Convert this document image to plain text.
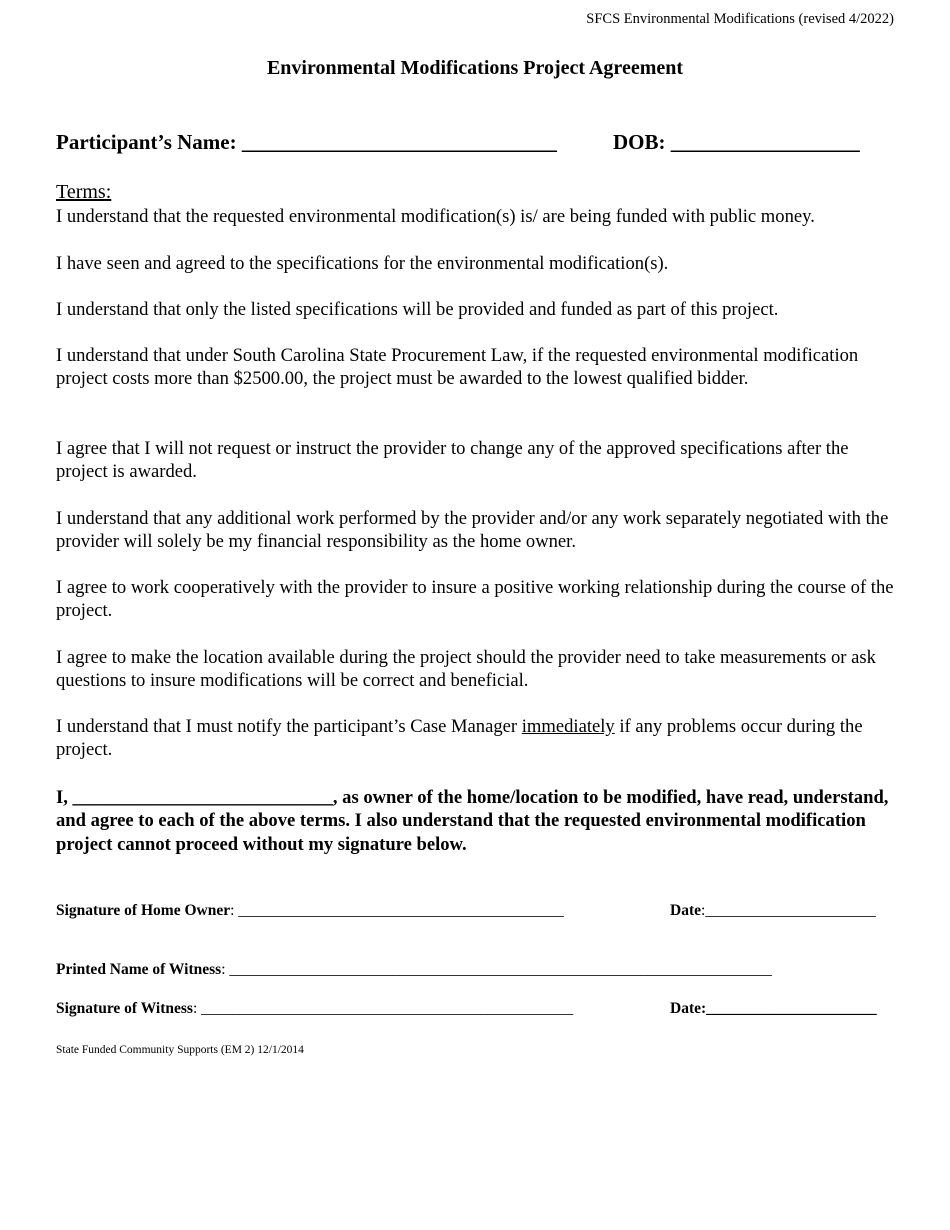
SFCS Environmental Modifications (revised 4/2022)
Environmental Modifications Project Agreement
Participant’s Name: ______________________________	DOB: __________________
Terms:
I understand that the requested environmental modification(s) is/ are being funded with public money.
I have seen and agreed to the specifications for the environmental modification(s).
I understand that only the listed specifications will be provided and funded as part of this project.
I understand that under South Carolina State Procurement Law, if the requested environmental modification project costs more than $2500.00, the project must be awarded to the lowest qualified bidder.
I agree that I will not request or instruct the provider to change any of the approved specifications after the project is awarded.
I understand that any additional work performed by the provider and/or any work separately negotiated with the provider will solely be my financial responsibility as the home owner.
I agree to work cooperatively with the provider to insure a positive working relationship during the course of the project.
I agree to make the location available during the project should the provider need to take measurements or ask questions to insure modifications will be correct and beneficial.
I understand that I must notify the participant’s Case Manager immediately if any problems occur during the project.
I, ____________________________, as owner of the home/location to be modified, have read, understand, and agree to each of the above terms. I also understand that the requested environmental modification project cannot proceed without my signature below.
Signature of Home Owner: __________________________________________	Date:______________________
Printed Name of Witness: ______________________________________________________________________
Signature of Witness: ________________________________________________	Date:______________________
State Funded Community Supports (EM 2) 12/1/2014
